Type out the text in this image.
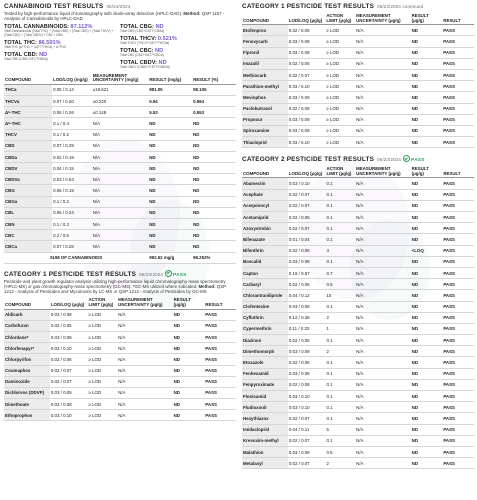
CANNABINOID TEST RESULTS 06/24/2024
Tested by high-performance liquid chromatography with diode-array detection (HPLC-DAD). Method: QSP 1157 - Analysis of Cannabinoids by HPLC-DAD
TOTAL CANNABINOIDS: 87.112%
Total Cannabinoids (Total THC) + (Total CBD) + (Total CBG) + (Total THCV) + (Total CBC) + (Total CBDV) + CBL + CBN
TOTAL THC: 86.591%
Total THC (Δ⁹THC + 0.877*THCa) + Δ⁸THC
TOTAL CBD: ND
Total CBD (CBD+0.877*CBDa)
TOTAL CBG: ND
Total CBG (CBG+0.877*CBGa)
TOTAL THCV: 0.521%
Total THCV (THCV+0.877*THCVa)
TOTAL CBC: ND
Total CBC (CBC+0.877*CBCa)
TOTAL CBDV: ND
Total CBDV (CBDV+0.877*CBDVa)
COMPOUND	LOD/LOQ (mg/g)	MEASUREMENT UNCERTAINTY (mg/g)	RESULT (mg/g)	RESULT (%)
THCa	0.05 / 0.14	±19.621	981.05	98.105
THCVa	0.07 / 0.20	±0.220	5.94	0.594
Δ⁹-THC	0.06 / 0.26	±0.148	5.53	0.553
Δ⁸-THC	0.1 / 0.4	N/A	ND	ND
THCV	0.1 / 0.2	N/A	ND	ND
CBD	0.07 / 0.29	N/A	ND	ND
CBDa	0.02 / 0.19	N/A	ND	ND
CBDV	0.04 / 0.15	N/A	ND	ND
CBDVa	0.03 / 0.53	N/A	ND	ND
CBG	0.06 / 0.19	N/A	ND	ND
CBGa	0.1 / 0.2	N/A	ND	ND
CBL	0.06 / 0.24	N/A	ND	ND
CBN	0.1 / 0.3	N/A	ND	ND
CBC	0.2 / 0.5	N/A	ND	ND
CBCa	0.07 / 0.28	N/A	ND	ND
SUM OF CANNABINOIDS			992.52 mg/g	99.252%
CATEGORY 1 PESTICIDE TEST RESULTS 06/23/2024 PASS
Pesticide and plant growth regulator analysis utilizing high-performance liquid chromatography-mass spectrometry (HPLC-MS) or gas chromatography-mass spectrometry (GC-MS). *GC-MS utilized where indicated. Method: QSP 1212 - Analysis of Pesticides and Mycotoxins by LC-MS or QSP 1213 - Analysis of Pesticides by GC-MS
COMPOUND	LOD/LOQ (μg/g)	ACTION LIMIT (μg/g)	MEASUREMENT UNCERTAINTY (μg/g)	RESULT (μg/g)	RESULT
Aldicarb	0.03 / 0.08	≥ LOD	N/A	ND	PASS
Carbofuran	0.02 / 0.05	≥ LOD	N/A	ND	PASS
Chlordane*	0.03 / 0.08	≥ LOD	N/A	ND	PASS
Chlorfenapyr*	0.03 / 0.10	≥ LOD	N/A	ND	PASS
Chlorpyrifos	0.02 / 0.06	≥ LOD	N/A	ND	PASS
Coumaphos	0.02 / 0.07	≥ LOD	N/A	ND	PASS
Daminozide	0.02 / 0.07	≥ LOD	N/A	ND	PASS
Dichlorvos (DDVP)	0.03 / 0.09	≥ LOD	N/A	ND	PASS
Dimethoate	0.03 / 0.08	≥ LOD	N/A	ND	PASS
Ethoprophos	0.03 / 0.10	≥ LOD	N/A	ND	PASS
CATEGORY 1 PESTICIDE TEST RESULTS 06/23/2024 continued
COMPOUND	LOD/LOQ (μg/g)	ACTION LIMIT (μg/g)	MEASUREMENT UNCERTAINTY (μg/g)	RESULT (μg/g)	RESULT
Etofenprox	0.02 / 0.06	≥ LOD	N/A	ND	PASS
Fenoxycarb	0.03 / 0.08	≥ LOD	N/A	ND	PASS
Fipronil	0.03 / 0.08	≥ LOD	N/A	ND	PASS
Imazalil	0.02 / 0.06	≥ LOD	N/A	ND	PASS
Methiocarb	0.02 / 0.07	≥ LOD	N/A	ND	PASS
Parathion-methyl	0.03 / 0.10	≥ LOD	N/A	ND	PASS
Mevinphos	0.03 / 0.09	≥ LOD	N/A	ND	PASS
Paclobutrazol	0.02 / 0.05	≥ LOD	N/A	ND	PASS
Propoxur	0.03 / 0.09	≥ LOD	N/A	ND	PASS
Spiroxamine	0.03 / 0.08	≥ LOD	N/A	ND	PASS
Thiacloprid	0.03 / 0.10	≥ LOD	N/A	ND	PASS
CATEGORY 2 PESTICIDE TEST RESULTS 06/23/2024 PASS
COMPOUND	LOD/LOQ (μg/g)	ACTION LIMIT (μg/g)	MEASUREMENT UNCERTAINTY (μg/g)	RESULT (μg/g)	RESULT
Abamectin	0.03 / 0.10	0.1	N/A	ND	PASS
Acephate	0.02 / 0.07	0.1	N/A	ND	PASS
Acequinocyl	0.02 / 0.07	0.1	N/A	ND	PASS
Acetamiprid	0.02 / 0.05	0.1	N/A	ND	PASS
Azoxystrobin	0.02 / 0.07	0.1	N/A	ND	PASS
Bifenazate	0.01 / 0.04	0.1	N/A	ND	PASS
Bifenthrin	0.02 / 0.05	3	N/A	<LOQ	PASS
Boscalid	0.03 / 0.09	0.1	N/A	ND	PASS
Captan	0.19 / 0.57	0.7	N/A	ND	PASS
Carbaryl	0.02 / 0.06	0.5	N/A	ND	PASS
Chlorantraniliprole	0.04 / 0.12	10	N/A	ND	PASS
Clofentezine	0.03 / 0.09	0.1	N/A	ND	PASS
Cyfluthrin	0.12 / 0.38	2	N/A	ND	PASS
Cypermethrin	0.11 / 0.32	1	N/A	ND	PASS
Diazinon	0.02 / 0.05	0.1	N/A	ND	PASS
Dimethomorph	0.03 / 0.09	2	N/A	ND	PASS
Etoxazole	0.02 / 0.06	0.1	N/A	ND	PASS
Fenhexamid	0.03 / 0.09	0.1	N/A	ND	PASS
Fenpyroximate	0.02 / 0.06	0.1	N/A	ND	PASS
Flonicamid	0.03 / 0.10	0.1	N/A	ND	PASS
Fludioxonil	0.03 / 0.10	0.1	N/A	ND	PASS
Hexythiazox	0.02 / 0.07	0.1	N/A	ND	PASS
Imidacloprid	0.04 / 0.11	5	N/A	ND	PASS
Kresoxim-methyl	0.02 / 0.07	0.1	N/A	ND	PASS
Malathion	0.03 / 0.09	0.5	N/A	ND	PASS
Metalaxyl	0.02 / 0.07	2	N/A	ND	PASS
